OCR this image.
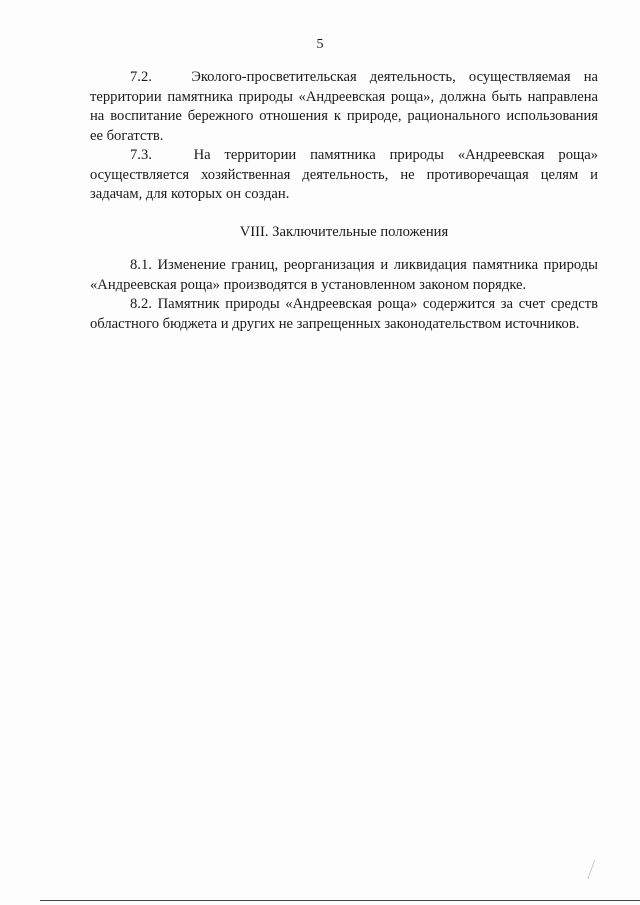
5

7.2.   Эколого-просветительская деятельность, осуществляемая на территории памятника природы «Андреевская роща», должна быть направлена на воспитание бережного отношения к природе, рационального использования ее богатств.

7.3.   На территории памятника природы «Андреевская роща» осуществляется хозяйственная деятельность, не противоречащая целям и задачам, для которых он создан.

VIII. Заключительные положения

8.1. Изменение границ, реорганизация и ликвидация памятника природы «Андреевская роща» производятся в установленном законом порядке.

8.2. Памятник природы «Андреевская роща» содержится за счет средств областного бюджета и других не запрещенных законодательством источников.
